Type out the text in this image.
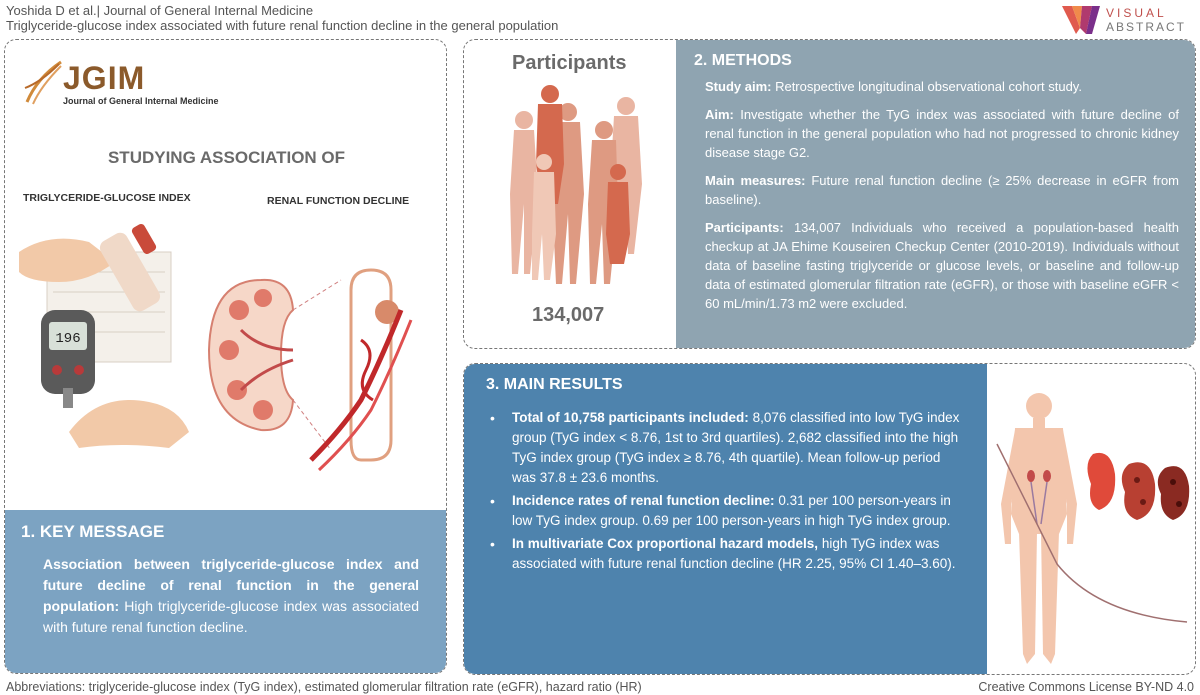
Yoshida D et al.| Journal of General Internal Medicine
Triglyceride-glucose index associated with future renal function decline in the general population
VISUAL
ABSTRACT
JGIM
Journal of General Internal Medicine
STUDYING ASSOCIATION OF
TRIGLYCERIDE-GLUCOSE INDEX	RENAL FUNCTION DECLINE
196
1. KEY MESSAGE
Association between triglyceride-glucose index and future decline of renal function in the general population: High triglyceride-glucose index was associated with future renal function decline.
Participants
134,007
2. METHODS

Study aim: Retrospective longitudinal observational cohort study.

Aim: Investigate whether the TyG index was associated with future decline of renal function in the general population who had not progressed to chronic kidney disease stage G2.

Main measures: Future renal function decline (≥ 25% decrease in eGFR from baseline).

Participants: 134,007 Individuals who received a population-based health checkup at JA Ehime Kouseiren Checkup Center (2010-2019). Individuals without data of baseline fasting triglyceride or glucose levels, or baseline and follow-up data of estimated glomerular filtration rate (eGFR), or those with baseline eGFR < 60 mL/min/1.73 m2 were excluded.

3. MAIN RESULTS
• Total of 10,758 participants included: 8,076 classified into low TyG index group (TyG index < 8.76, 1st to 3rd quartiles). 2,682 classified into the high TyG index group (TyG index ≥ 8.76, 4th quartile). Mean follow-up period was 37.8 ± 23.6 months.
• Incidence rates of renal function decline: 0.31 per 100 person-years in low TyG index group. 0.69 per 100 person-years in high TyG index group.
• In multivariate Cox proportional hazard models, high TyG index was associated with future renal function decline (HR 2.25, 95% CI 1.40–3.60).
Abbreviations: triglyceride-glucose index (TyG index), estimated glomerular filtration rate (eGFR), hazard ratio (HR)	Creative Commons License BY-ND 4.0
